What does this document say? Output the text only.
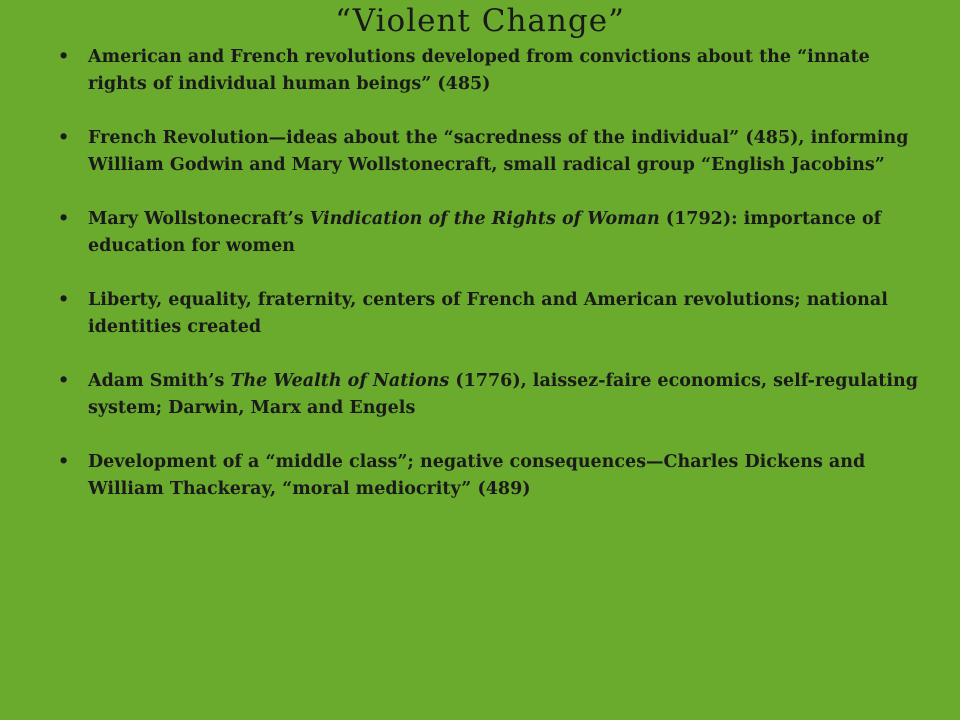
“Violent Change”
• American and French revolutions developed from convictions about the “innate rights of individual human beings” (485)
• French Revolution—ideas about the “sacredness of the individual” (485), informing William Godwin and Mary Wollstonecraft, small radical group “English Jacobins”
• Mary Wollstonecraft’s Vindication of the Rights of Woman (1792): importance of education for women
• Liberty, equality, fraternity, centers of French and American revolutions; national identities created
• Adam Smith’s The Wealth of Nations (1776), laissez-faire economics, self-regulating system; Darwin, Marx and Engels
• Development of a “middle class”; negative consequences—Charles Dickens and William Thackeray, “moral mediocrity” (489)
